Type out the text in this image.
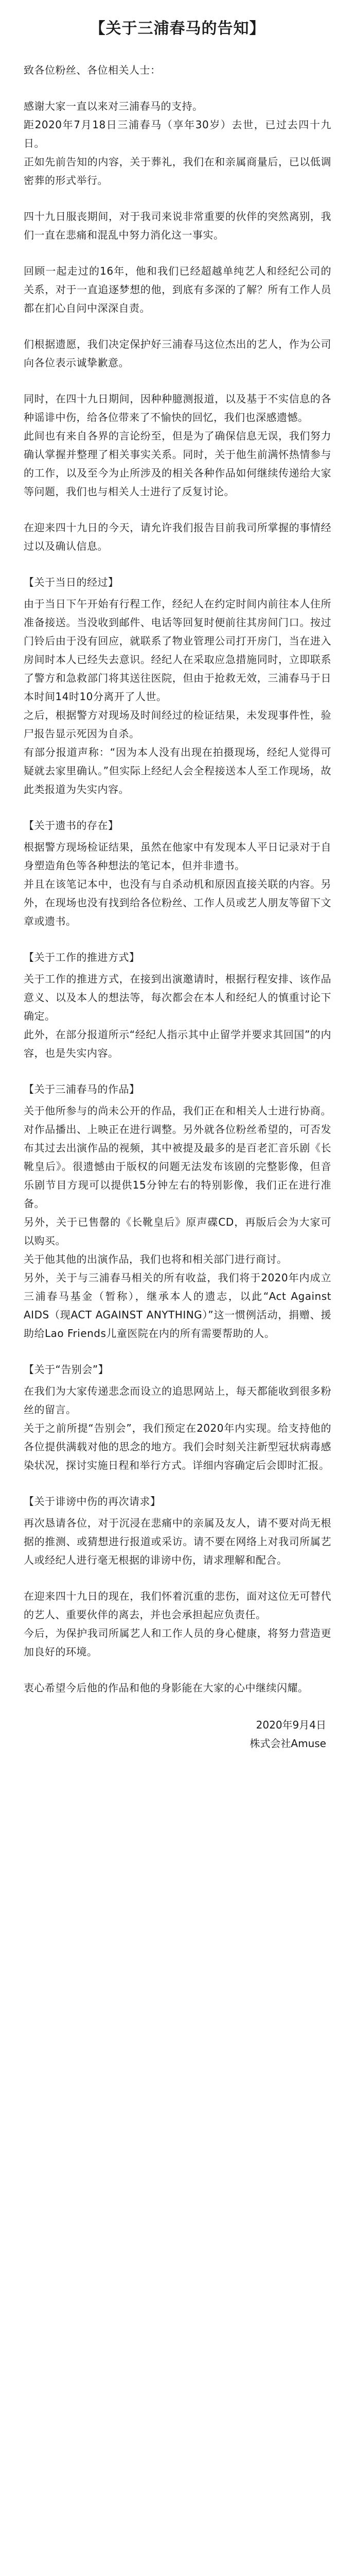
【关于三浦春马的告知】

致各位粉丝、各位相关人士：

感谢大家一直以来对三浦春马的支持。

距2020年7月18日三浦春马（享年30岁）去世，已过去四十九日。

正如先前告知的内容，关于葬礼，我们在和亲属商量后，已以低调密葬的形式举行。

四十九日服丧期间，对于我司来说非常重要的伙伴的突然离别，我们一直在悲痛和混乱中努力消化这一事实。

回顾一起走过的16年，他和我们已经超越单纯艺人和经纪公司的关系，对于一直追逐梦想的他，到底有多深的了解？所有工作人员都在扪心自问中深深自责。

们根据遗愿，我们决定保护好三浦春马这位杰出的艺人，作为公司向各位表示诚挚歉意。

同时，在四十九日期间，因种种臆测报道，以及基于不实信息的各种谣诽中伤，给各位带来了不愉快的回忆，我们也深感遗憾。

此间也有来自各界的言论纷至，但是为了确保信息无误，我们努力确认掌握并整理了相关事实关系。同时，关于他生前满怀热情参与的工作，以及至今为止所涉及的相关各种作品如何继续传递给大家等问题，我们也与相关人士进行了反复讨论。

在迎来四十九日的今天，请允许我们报告目前我司所掌握的事情经过以及确认信息。

【关于当日的经过】

由于当日下午开始有行程工作，经纪人在约定时间内前往本人住所准备接送。当没收到邮件、电话等回复时便前往其房间门口。按过门铃后由于没有回应，就联系了物业管理公司打开房门，当在进入房间时本人已经失去意识。经纪人在采取应急措施同时，立即联系了警方和急救部门将其送往医院，但由于抢救无效，三浦春马于日本时间14时10分离开了人世。

之后，根据警方对现场及时间经过的检证结果，未发现事件性，验尸报告显示死因为自杀。

有部分报道声称：“因为本人没有出现在拍摄现场，经纪人觉得可疑就去家里确认。”但实际上经纪人会全程接送本人至工作现场，故此类报道为失实内容。

【关于遗书的存在】

根据警方现场检证结果，虽然在他家中有发现本人平日记录对于自身塑造角色等各种想法的笔记本，但并非遗书。

并且在该笔记本中，也没有与自杀动机和原因直接关联的内容。另外，在现场也没有找到给各位粉丝、工作人员或艺人朋友等留下文章或遗书。

【关于工作的推进方式】

关于工作的推进方式，在接到出演邀请时，根据行程安排、该作品意义、以及本人的想法等，每次都会在本人和经纪人的慎重讨论下确定。

此外，在部分报道所示“经纪人指示其中止留学并要求其回国”的内容，也是失实内容。

【关于三浦春马的作品】

关于他所参与的尚未公开的作品，我们正在和相关人士进行协商。对作品播出、上映正在进行调整。另外就各位粉丝希望的，可否发布其过去出演作品的视频，其中被提及最多的是百老汇音乐剧《长靴皇后》。很遗憾由于版权的问题无法发布该剧的完整影像，但音乐剧节目方现可以提供15分钟左右的特别影像，我们正在进行准备。

另外，关于已售罄的《长靴皇后》原声碟CD，再版后会为大家可以购买。

关于他其他的出演作品，我们也将和相关部门进行商讨。

另外，关于与三浦春马相关的所有收益，我们将于2020年内成立三浦春马基金（暂称），继承本人的遗志，以此“Act Against AIDS（现ACT AGAINST ANYTHING）”这一惯例活动，捐赠、援助给Lao Friends儿童医院在内的所有需要帮助的人。

【关于“告别会”】

在我们为大家传递悲念而设立的追思网站上，每天都能收到很多粉丝的留言。

关于之前所提“告别会”，我们预定在2020年内实现。给支持他的各位提供满载对他的思念的地方。我们会时刻关注新型冠状病毒感染状况，探讨实施日程和举行方式。详细内容确定后会即时汇报。

【关于诽谤中伤的再次请求】

再次恳请各位，对于沉浸在悲痛中的亲属及友人，请不要对尚无根据的推测、或猜想进行报道或采访。请不要在网络上对我司所属艺人或经纪人进行毫无根据的诽谤中伤，请求理解和配合。

在迎来四十九日的现在，我们怀着沉重的悲伤，面对这位无可替代的艺人、重要伙伴的离去，并也会承担起应负责任。

今后，为保护我司所属艺人和工作人员的身心健康，将努力营造更加良好的环境。

衷心希望今后他的作品和他的身影能在大家的心中继续闪耀。

2020年9月4日
株式会社Amuse
